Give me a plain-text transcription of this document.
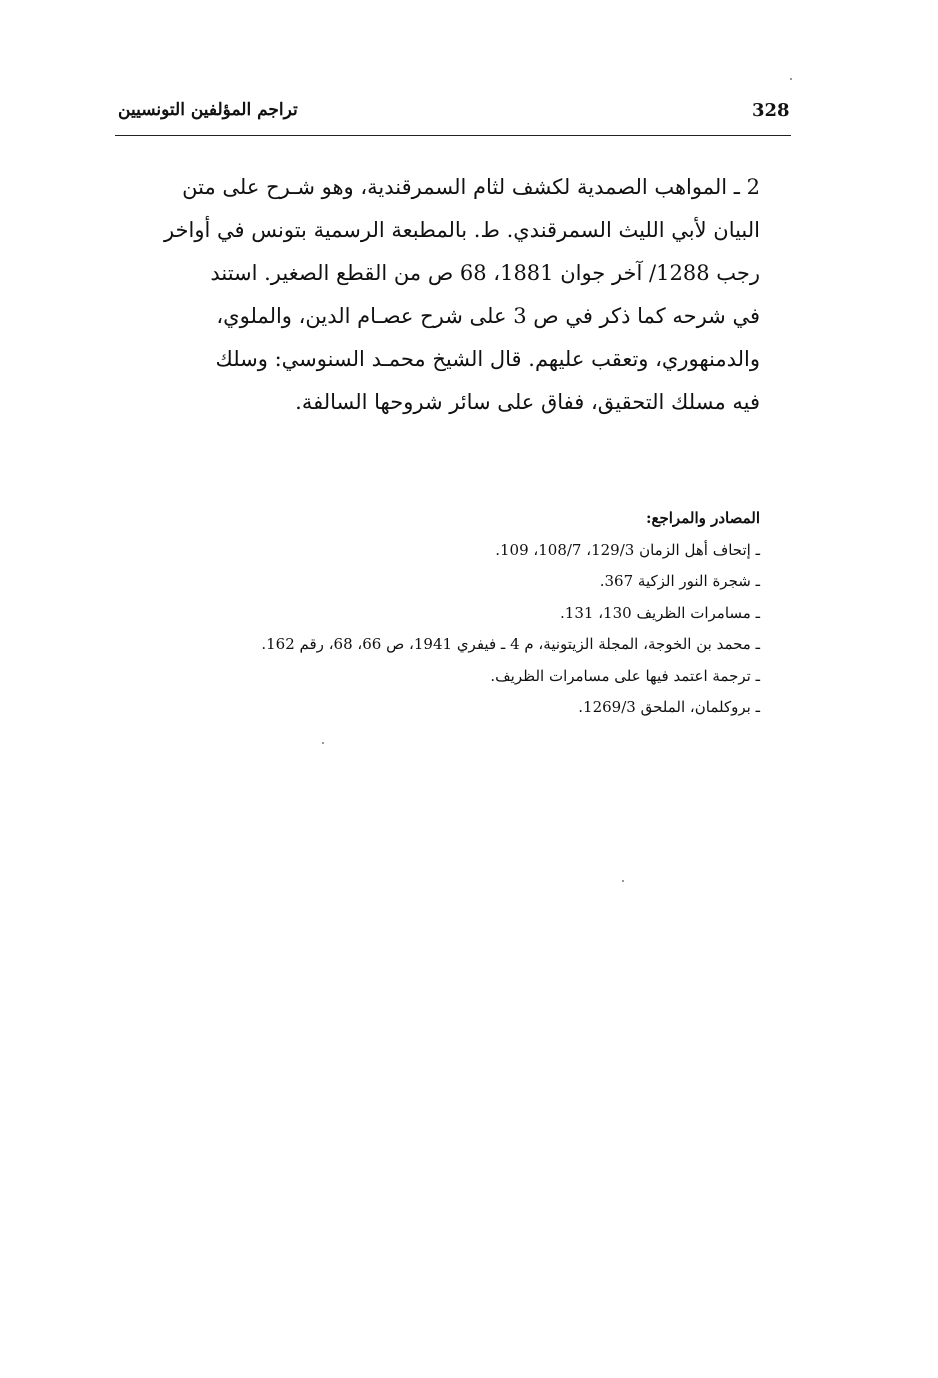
328
تراجم المؤلفين التونسيين
2 ـ المواهب الصمدية لكشف لثام السمرقندية، وهو شـرح على متن
البيان لأبي الليث السمرقندي. ط. بالمطبعة الرسمية بتونس في أواخر
رجب 1288/ آخر جوان 1881، 68 ص من القطع الصغير. استند
في شرحه كما ذكر في ص 3 على شرح عصـام الدين، والملوي،
والدمنهوري، وتعقب عليهم. قال الشيخ محمـد السنوسي: وسلك
فيه مسلك التحقيق، ففاق على سائر شروحها السالفة.
المصادر والمراجع:
ـ إتحاف أهل الزمان 129/3، 108/7، 109.
ـ شجرة النور الزكية 367.
ـ مسامرات الظريف 130، 131.
ـ محمد بن الخوجة، المجلة الزيتونية، م 4 ـ فيفري 1941، ص 66، 68، رقم 162.
ـ ترجمة اعتمد فيها على مسامرات الظريف.
ـ بروكلمان، الملحق 1269/3.
